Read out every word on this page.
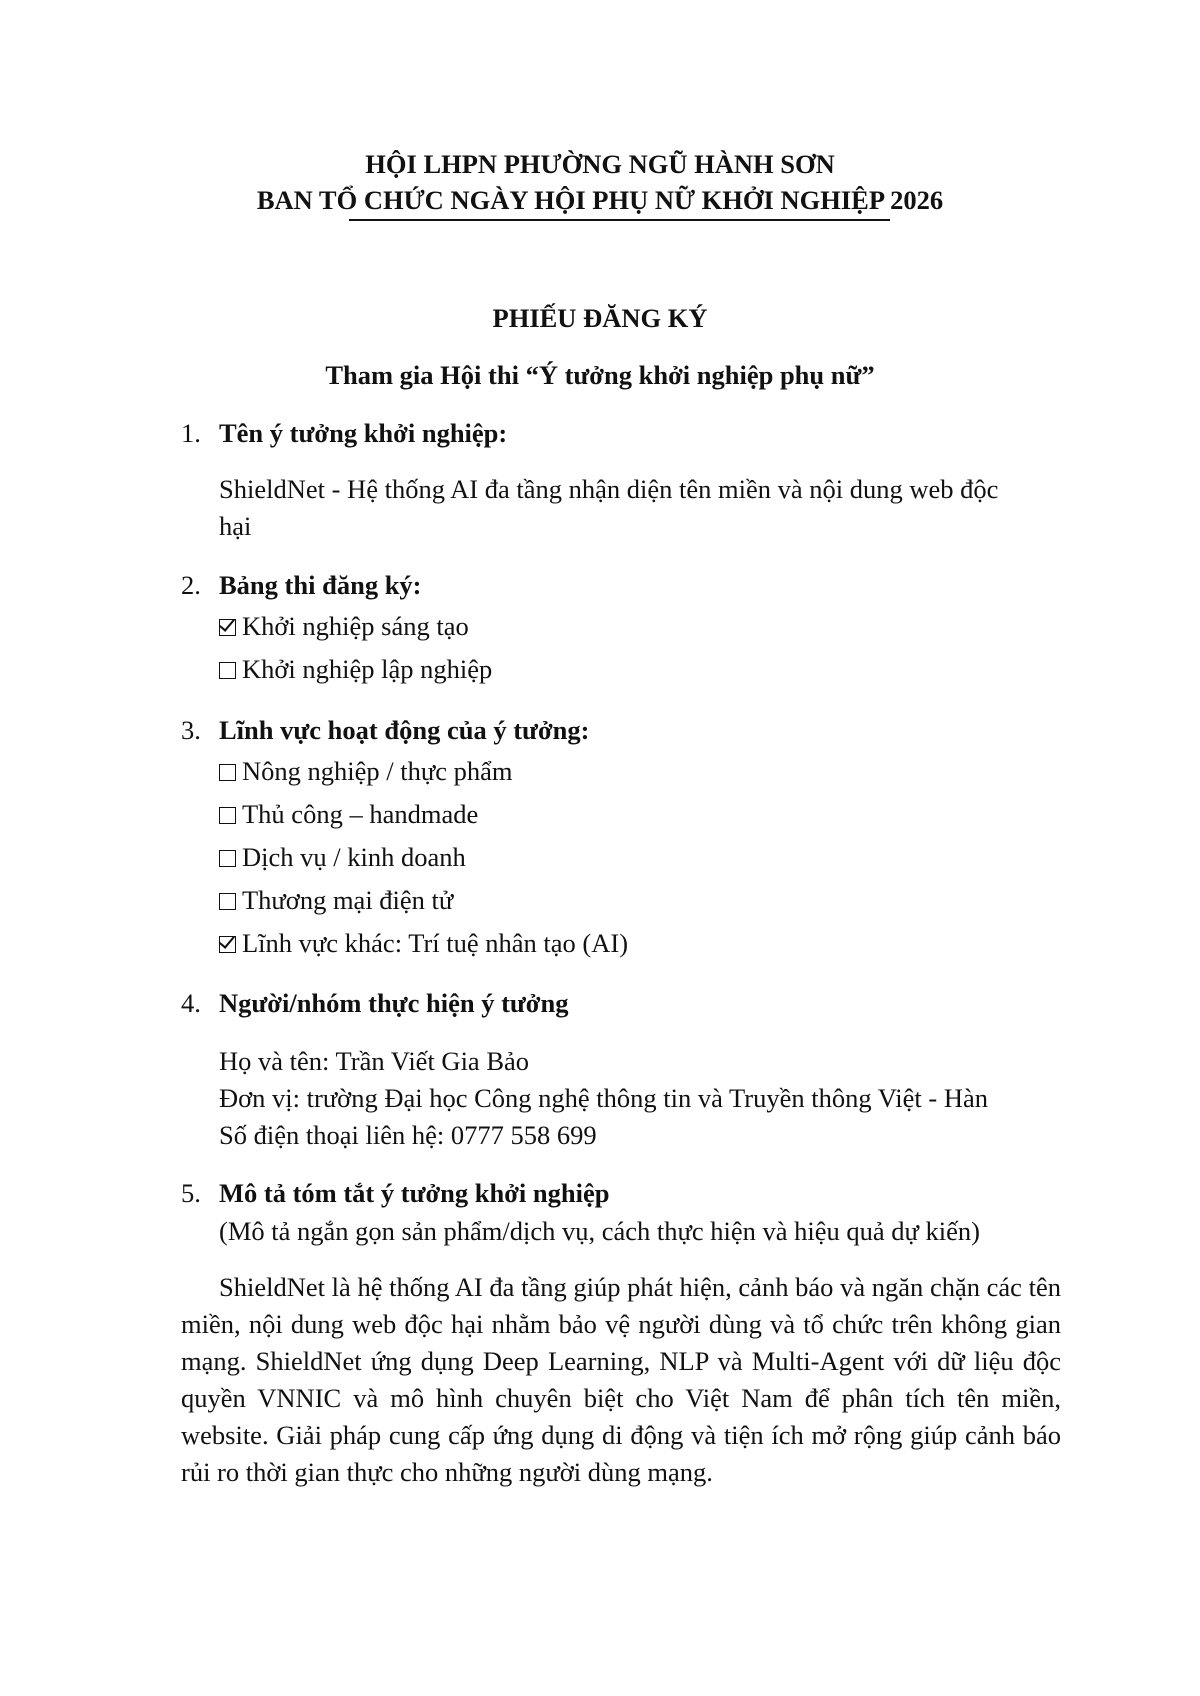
HỘI LHPN PHƯỜNG NGŨ HÀNH SƠN
BAN TỔ CHỨC NGÀY HỘI PHỤ NỮ KHỞI NGHIỆP 2026
PHIẾU ĐĂNG KÝ
Tham gia Hội thi “Ý tưởng khởi nghiệp phụ nữ”
1. Tên ý tưởng khởi nghiệp:
ShieldNet - Hệ thống AI đa tầng nhận diện tên miền và nội dung web độc
hại
2. Bảng thi đăng ký:
Khởi nghiệp sáng tạo
Khởi nghiệp lập nghiệp
3. Lĩnh vực hoạt động của ý tưởng:
Nông nghiệp / thực phẩm
Thủ công – handmade
Dịch vụ / kinh doanh
Thương mại điện tử
Lĩnh vực khác: Trí tuệ nhân tạo (AI)
4. Người/nhóm thực hiện ý tưởng
Họ và tên: Trần Viết Gia Bảo
Đơn vị: trường Đại học Công nghệ thông tin và Truyền thông Việt - Hàn
Số điện thoại liên hệ: 0777 558 699
5. Mô tả tóm tắt ý tưởng khởi nghiệp
(Mô tả ngắn gọn sản phẩm/dịch vụ, cách thực hiện và hiệu quả dự kiến)
ShieldNet là hệ thống AI đa tầng giúp phát hiện, cảnh báo và ngăn chặn các tên miền, nội dung web độc hại nhằm bảo vệ người dùng và tổ chức trên không gian mạng. ShieldNet ứng dụng Deep Learning, NLP và Multi-Agent với dữ liệu độc quyền VNNIC và mô hình chuyên biệt cho Việt Nam để phân tích tên miền, website. Giải pháp cung cấp ứng dụng di động và tiện ích mở rộng giúp cảnh báo rủi ro thời gian thực cho những người dùng mạng.
